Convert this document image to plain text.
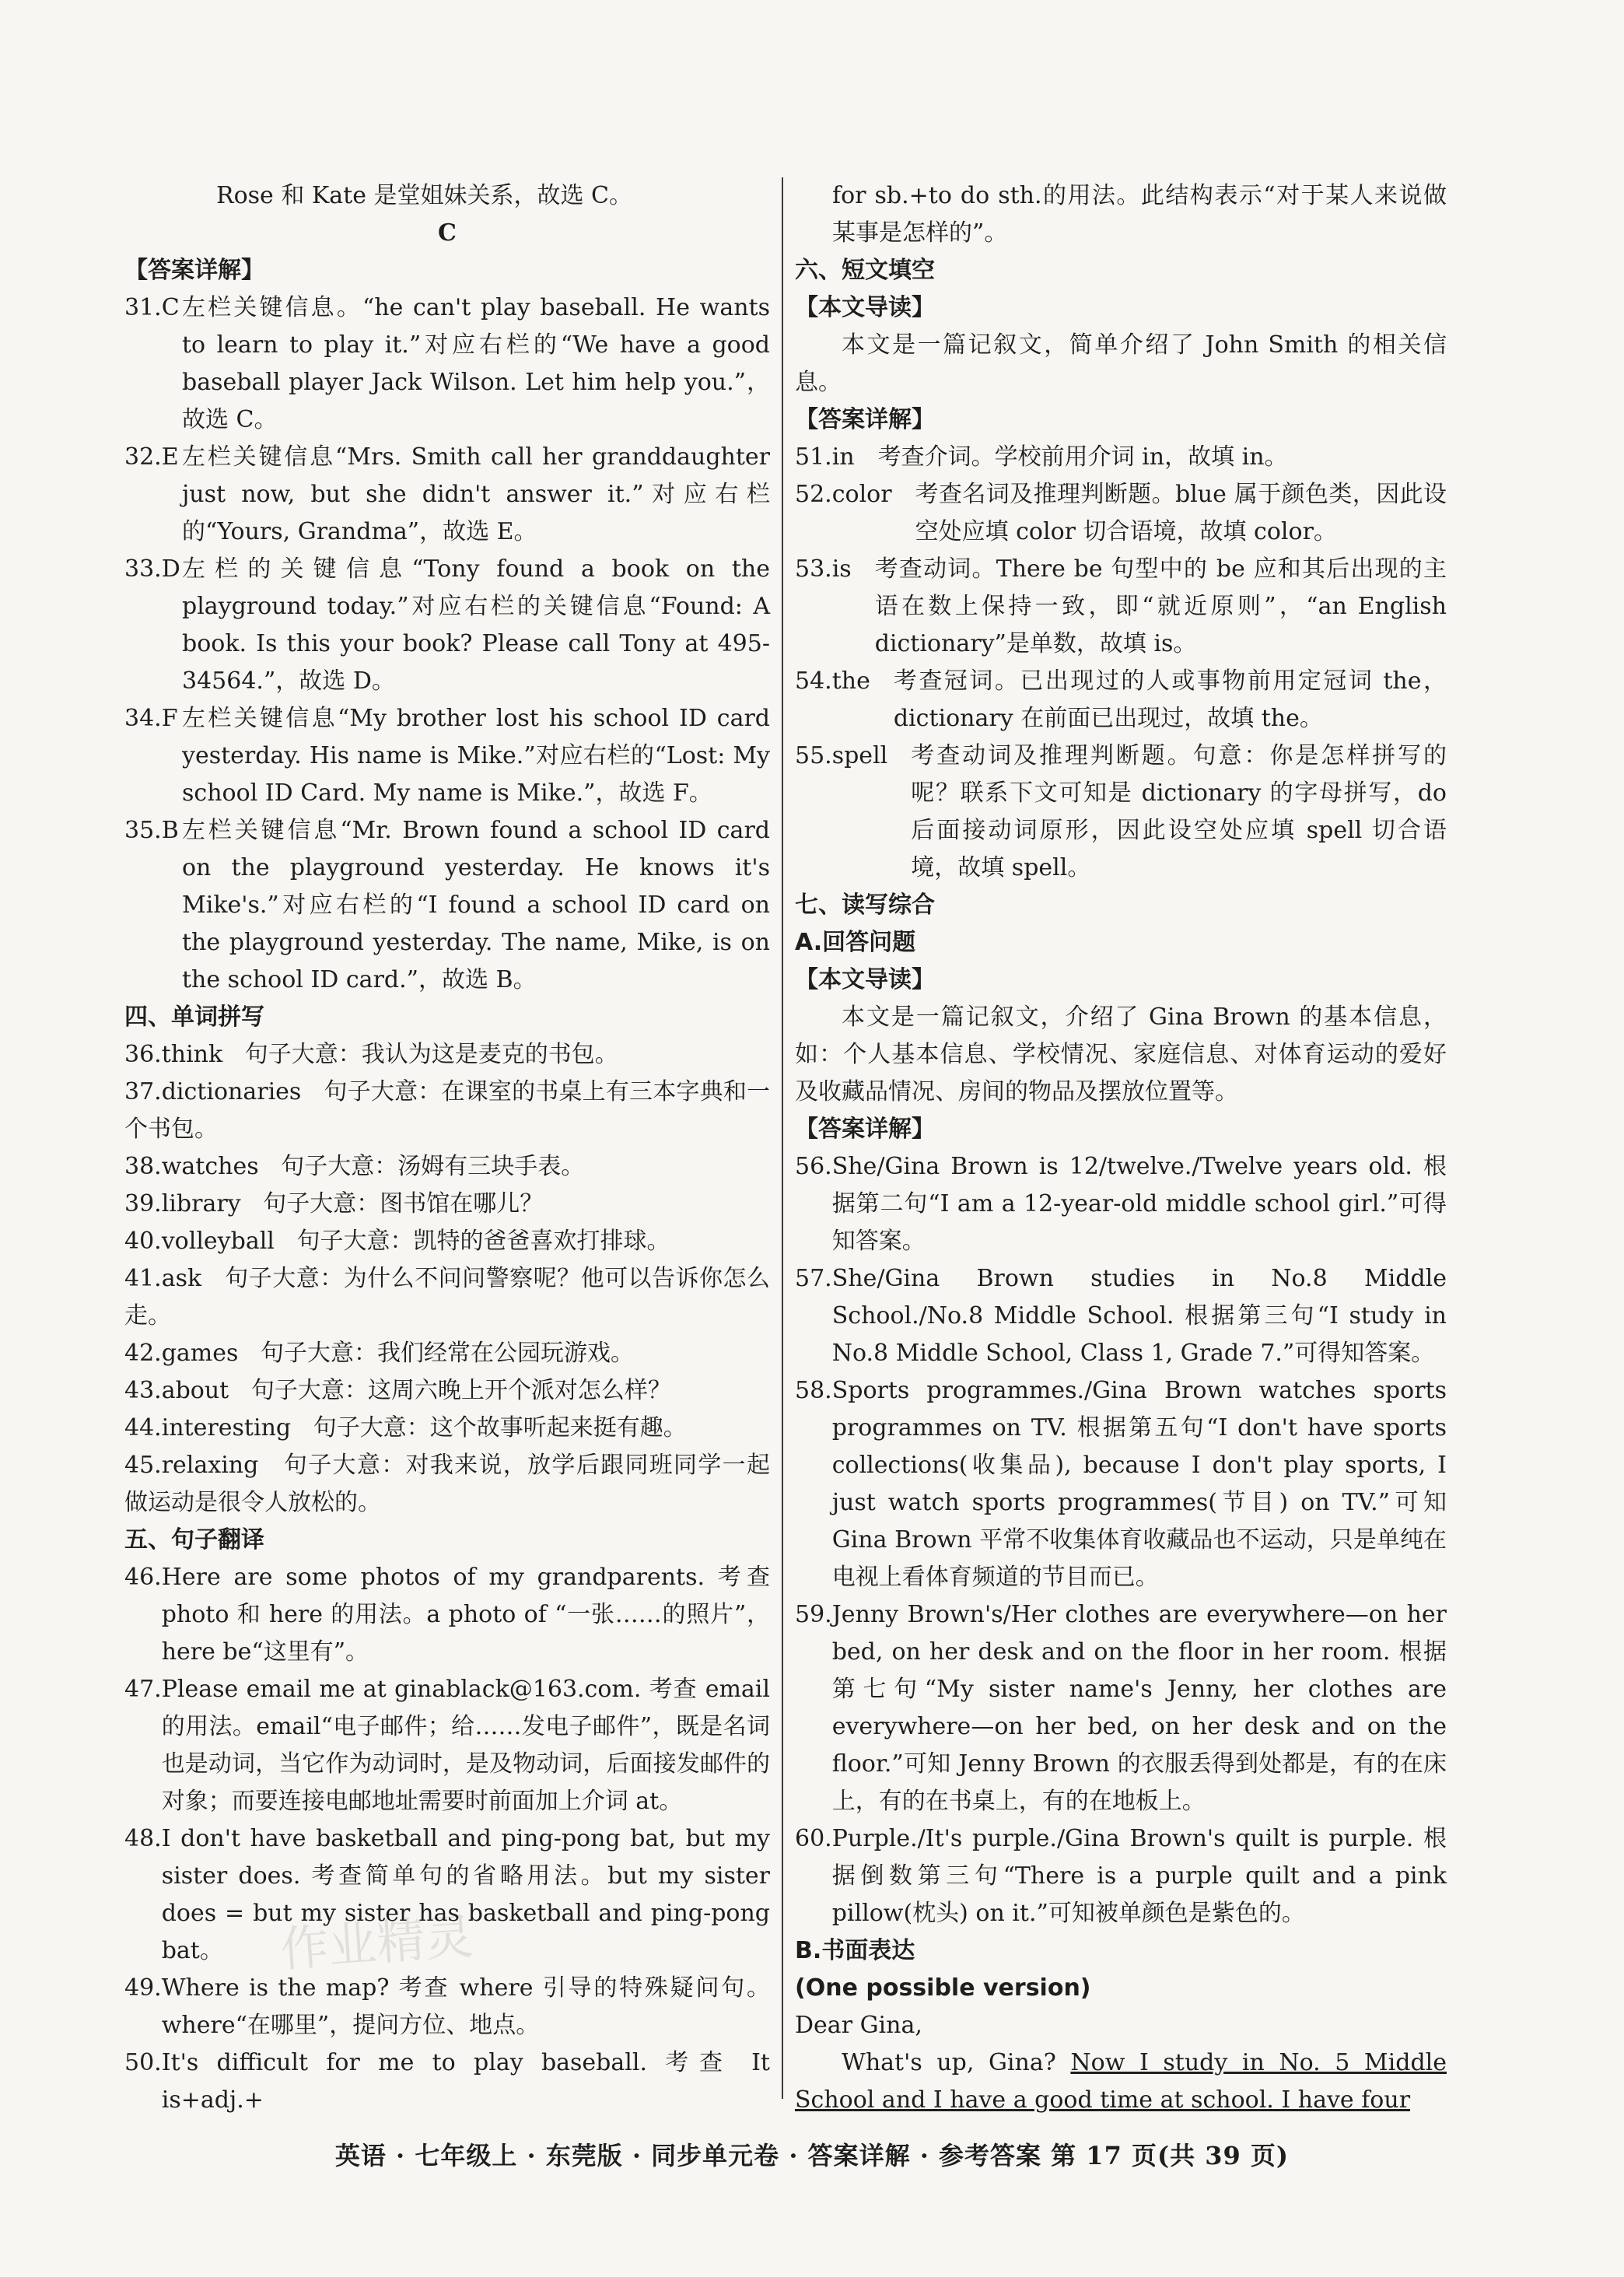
作业精灵

Rose 和 Kate 是堂姐妹关系，故选 C。

C

【答案详解】

31.C 左栏关键信息。“he can't play baseball. He wants to learn to play it.”对应右栏的“We have a good baseball player Jack Wilson. Let him help you.”，故选 C。
32.E 左栏关键信息“Mrs. Smith call her granddaughter just now, but she didn't answer it.”对应右栏的“Yours, Grandma”，故选 E。
33.D 左栏的关键信息“Tony found a book on the playground today.”对应右栏的关键信息“Found: A book. Is this your book? Please call Tony at 495-34564.”，故选 D。
34.F 左栏关键信息“My brother lost his school ID card yesterday. His name is Mike.”对应右栏的“Lost: My school ID Card. My name is Mike.”，故选 F。
35.B 左栏关键信息“Mr. Brown found a school ID card on the playground yesterday. He knows it's Mike's.”对应右栏的“I found a school ID card on the playground yesterday. The name, Mike, is on the school ID card.”，故选 B。

四、单词拼写

36.think 句子大意：我认为这是麦克的书包。

37.dictionaries 句子大意：在课室的书桌上有三本字典和一个书包。

38.watches 句子大意：汤姆有三块手表。

39.library 句子大意：图书馆在哪儿？

40.volleyball 句子大意：凯特的爸爸喜欢打排球。

41.ask 句子大意：为什么不问问警察呢？他可以告诉你怎么走。

42.games 句子大意：我们经常在公园玩游戏。

43.about 句子大意：这周六晚上开个派对怎么样？

44.interesting 句子大意：这个故事听起来挺有趣。

45.relaxing 句子大意：对我来说，放学后跟同班同学一起做运动是很令人放松的。

五、句子翻译

46. Here are some photos of my grandparents. 考查 photo 和 here 的用法。a photo of “一张……的照片”，here be“这里有”。
47. Please email me at ginablack@163.com. 考查 email 的用法。email“电子邮件；给……发电子邮件”，既是名词也是动词，当它作为动词时，是及物动词，后面接发邮件的对象；而要连接电邮地址需要时前面加上介词 at。
48. I don't have basketball and ping-pong bat, but my sister does. 考查简单句的省略用法。but my sister does = but my sister has basketball and ping-pong bat。
49. Where is the map? 考查 where 引导的特殊疑问句。where“在哪里”，提问方位、地点。
50. It's difficult for me to play baseball. 考查 It is+adj.+

for sb.+to do sth.的用法。此结构表示“对于某人来说做某事是怎样的”。

六、短文填空

【本文导读】

本文是一篇记叙文，简单介绍了 John Smith 的相关信息。

【答案详解】

51.in	考查介词。学校前用介词 in，故填 in。
52.color	考查名词及推理判断题。blue 属于颜色类，因此设空处应填 color 切合语境，故填 color。
53.is	考查动词。There be 句型中的 be 应和其后出现的主语在数上保持一致，即“就近原则”，“an English dictionary”是单数，故填 is。
54.the	考查冠词。已出现过的人或事物前用定冠词 the，dictionary 在前面已出现过，故填 the。
55.spell	考查动词及推理判断题。句意：你是怎样拼写的呢？联系下文可知是 dictionary 的字母拼写，do 后面接动词原形，因此设空处应填 spell 切合语境，故填 spell。

七、读写综合

A.回答问题

【本文导读】

本文是一篇记叙文，介绍了 Gina Brown 的基本信息，如：个人基本信息、学校情况、家庭信息、对体育运动的爱好及收藏品情况、房间的物品及摆放位置等。

【答案详解】

56. She/Gina Brown is 12/twelve./Twelve years old. 根据第二句“I am a 12-year-old middle school girl.”可得知答案。
57. She/Gina Brown studies in No.8 Middle School./No.8 Middle School. 根据第三句“I study in No.8 Middle School, Class 1, Grade 7.”可得知答案。
58. Sports programmes./Gina Brown watches sports programmes on TV. 根据第五句“I don't have sports collections(收集品), because I don't play sports, I just watch sports programmes(节目) on TV.”可知 Gina Brown 平常不收集体育收藏品也不运动，只是单纯在电视上看体育频道的节目而已。
59. Jenny Brown's/Her clothes are everywhere—on her bed, on her desk and on the floor in her room. 根据第七句“My sister name's Jenny, her clothes are everywhere—on her bed, on her desk and on the floor.”可知 Jenny Brown 的衣服丢得到处都是，有的在床上，有的在书桌上，有的在地板上。
60. Purple./It's purple./Gina Brown's quilt is purple. 根据倒数第三句“There is a purple quilt and a pink pillow(枕头) on it.”可知被单颜色是紫色的。

B.书面表达

(One possible version)

Dear Gina,

What's up, Gina? Now I study in No. 5 Middle School and I have a good time at school. I have four

英语 · 七年级上 · 东莞版 · 同步单元卷 · 答案详解 · 参考答案 第 17 页(共 39 页)
